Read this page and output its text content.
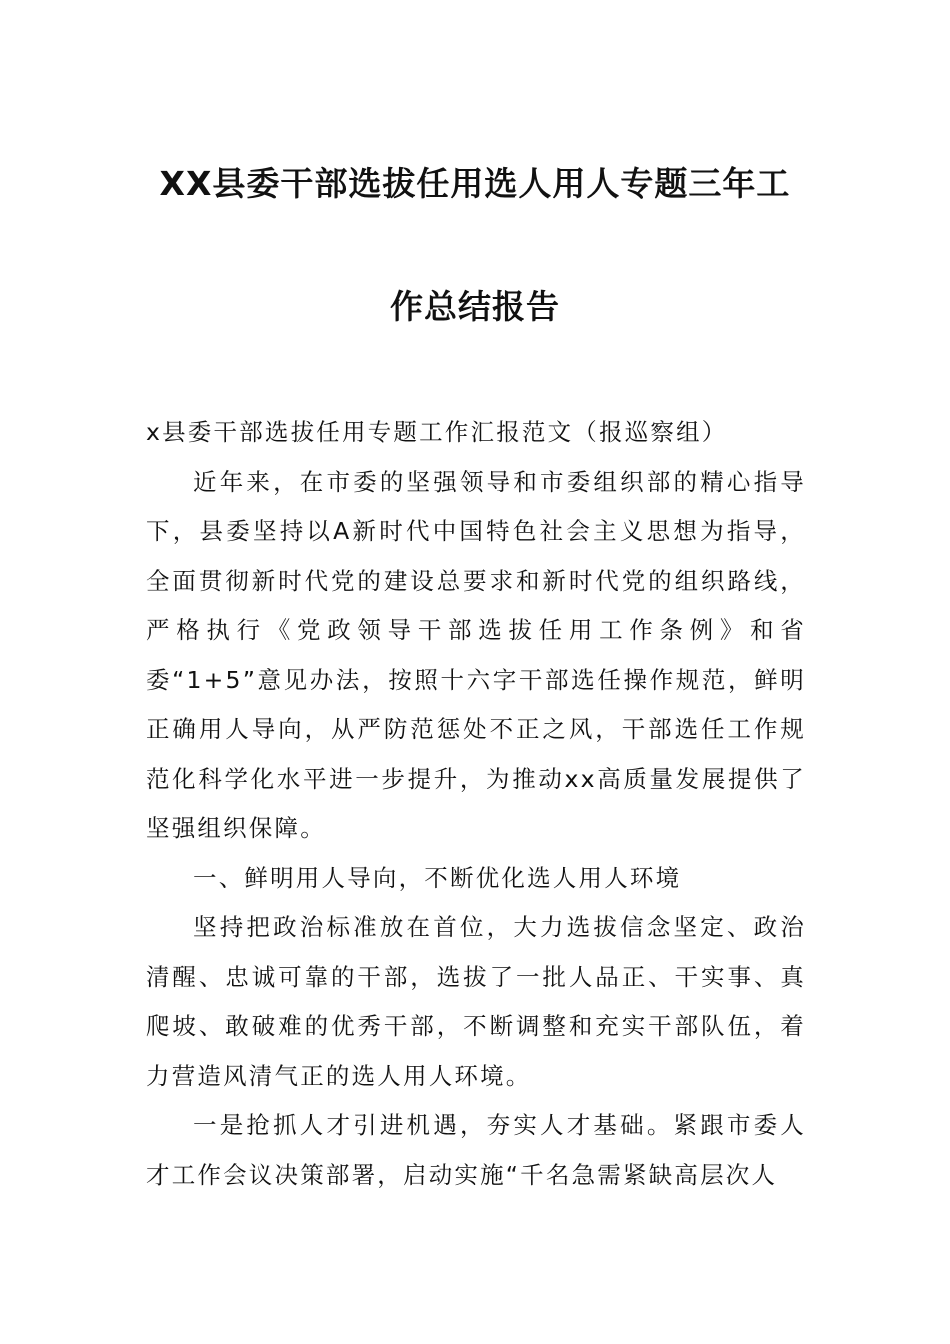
XX县委干部选拔任用选人用人专题三年工
作总结报告

x县委干部选拔任用专题工作汇报范文（报巡察组）

近年来，在市委的坚强领导和市委组织部的精心指导下，县委坚持以A新时代中国特色社会主义思想为指导，全面贯彻新时代党的建设总要求和新时代党的组织路线，严格执行《党政领导干部选拔任用工作条例》和省委“1+5”意见办法，按照十六字干部选任操作规范，鲜明正确用人导向，从严防范惩处不正之风，干部选任工作规范化科学化水平进一步提升，为推动xx高质量发展提供了坚强组织保障。

一、鲜明用人导向，不断优化选人用人环境

坚持把政治标准放在首位，大力选拔信念坚定、政治清醒、忠诚可靠的干部，选拔了一批人品正、干实事、真爬坡、敢破难的优秀干部，不断调整和充实干部队伍，着力营造风清气正的选人用人环境。

一是抢抓人才引进机遇，夯实人才基础。紧跟市委人才工作会议决策部署，启动实施“千名急需紧缺高层次人
